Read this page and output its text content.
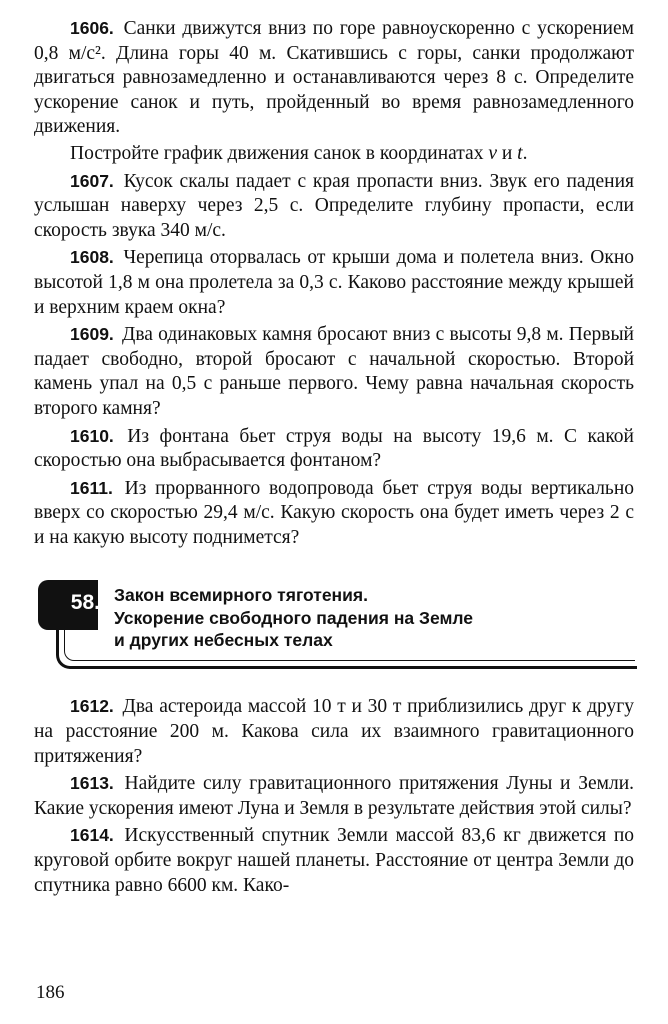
1606. Санки движутся вниз по горе равноускоренно с ускорением 0,8 м/с². Длина горы 40 м. Скатившись с горы, санки продолжают двигаться равнозамедленно и останавливаются через 8 с. Определите ускорение санок и путь, пройденный во время равнозамедленного движения.

Постройте график движения санок в координатах v и t.

1607. Кусок скалы падает с края пропасти вниз. Звук его падения услышан наверху через 2,5 с. Определите глубину пропасти, если скорость звука 340 м/с.

1608. Черепица оторвалась от крыши дома и полетела вниз. Окно высотой 1,8 м она пролетела за 0,3 с. Каково расстояние между крышей и верхним краем окна?

1609. Два одинаковых камня бросают вниз с высоты 9,8 м. Первый падает свободно, второй бросают с начальной скоростью. Второй камень упал на 0,5 с раньше первого. Чему равна начальная скорость второго камня?

1610. Из фонтана бьет струя воды на высоту 19,6 м. С какой скоростью она выбрасывается фонтаном?

1611. Из прорванного водопровода бьет струя воды вертикально вверх со скоростью 29,4 м/с. Какую скорость она будет иметь через 2 с и на какую высоту поднимется?

58. Закон всемирного тяготения.
Ускорение свободного падения на Земле
и других небесных телах

1612. Два астероида массой 10 т и 30 т приблизились друг к другу на расстояние 200 м. Какова сила их взаимного гравитационного притяжения?

1613. Найдите силу гравитационного притяжения Луны и Земли. Какие ускорения имеют Луна и Земля в результате действия этой силы?

1614. Искусственный спутник Земли массой 83,6 кг движется по круговой орбите вокруг нашей планеты. Расстояние от центра Земли до спутника равно 6600 км. Како-

186
